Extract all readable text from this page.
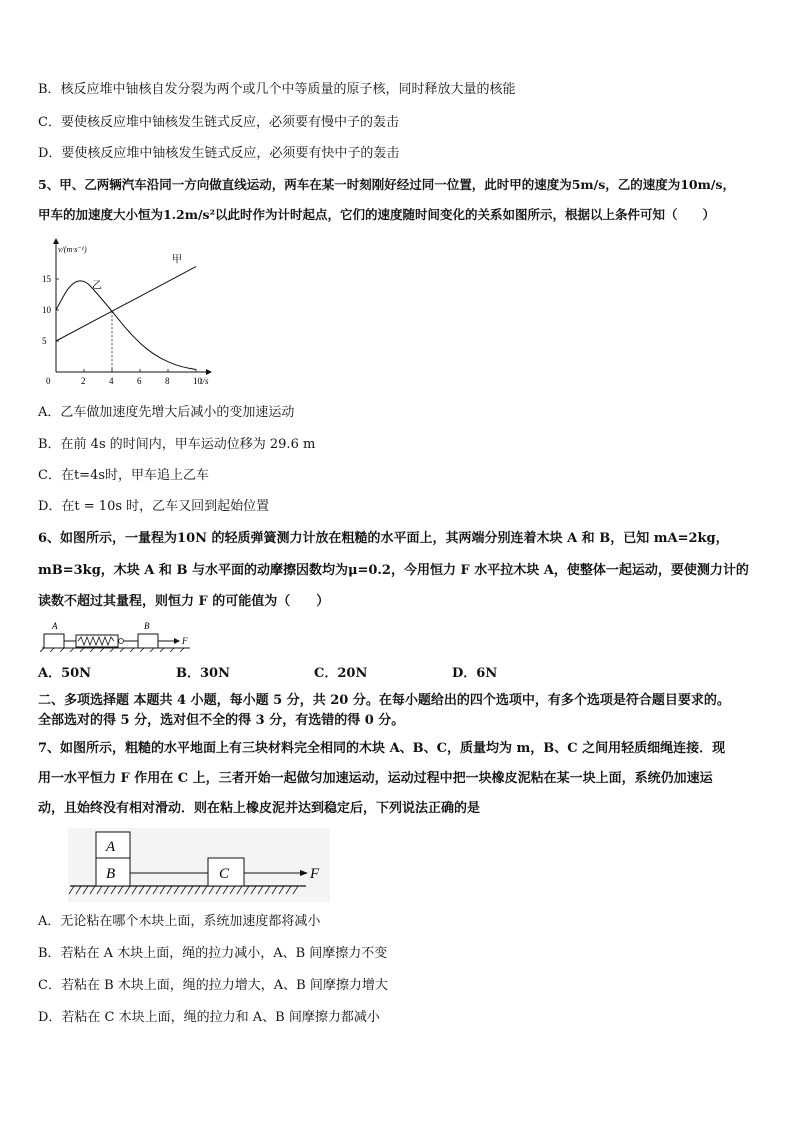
B．核反应堆中铀核自发分裂为两个或几个中等质量的原子核，同时释放大量的核能
C．要使核反应堆中铀核发生链式反应，必须要有慢中子的轰击
D．要使核反应堆中铀核发生链式反应，必须要有快中子的轰击
5、甲、乙两辆汽车沿同一方向做直线运动，两车在某一时刻刚好经过同一位置，此时甲的速度为5m/s，乙的速度为10m/s，
甲车的加速度大小恒为1.2m/s²以此时作为计时起点，它们的速度随时间变化的关系如图所示，根据以上条件可知（　　）
v/(m·s⁻¹)
t/s
0	2	4	6	8	10
5
10
15
甲
乙
A．乙车做加速度先增大后减小的变加速运动
B．在前 4s 的时间内，甲车运动位移为 29.6 m
C．在t=4s时，甲车追上乙车
D．在t = 10s 时，乙车又回到起始位置
6、如图所示，一量程为10N 的轻质弹簧测力计放在粗糙的水平面上，其两端分别连着木块 A 和 B，已知 mA=2kg，
mB=3kg，木块 A 和 B 与水平面的动摩擦因数均为μ=0.2，今用恒力 F 水平拉木块 A，使整体一起运动，要使测力计的
读数不超过其量程，则恒力 F 的可能值为（　　）
A	B
F
A．50N	B．30N	C．20N	D．6N
二、多项选择题 本题共 4 小题，每小题 5 分，共 20 分。在每小题给出的四个选项中，有多个选项是符合题目要求的。
全部选对的得 5 分，选对但不全的得 3 分，有选错的得 0 分。
7、如图所示，粗糙的水平地面上有三块材料完全相同的木块 A、B、C，质量均为 m，B、C 之间用轻质细绳连接．现
用一水平恒力 F 作用在 C 上，三者开始一起做匀加速运动，运动过程中把一块橡皮泥粘在某一块上面，系统仍加速运
动，且始终没有相对滑动．则在粘上橡皮泥并达到稳定后，下列说法正确的是
A
B	C	F
A．无论粘在哪个木块上面，系统加速度都将减小
B．若粘在 A 木块上面，绳的拉力减小，A、B 间摩擦力不变
C．若粘在 B 木块上面，绳的拉力增大，A、B 间摩擦力增大
D．若粘在 C 木块上面，绳的拉力和 A、B 间摩擦力都减小
